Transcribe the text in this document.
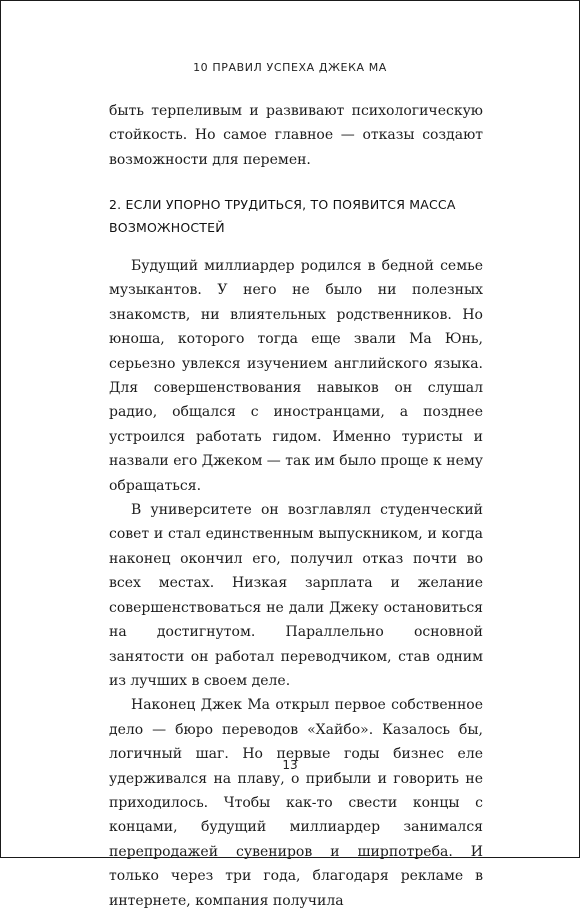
10 ПРАВИЛ УСПЕХА ДЖЕКА МА

быть терпеливым и развивают психологическую стойкость. Но самое главное — отказы создают возможности для перемен.

2. ЕСЛИ УПОРНО ТРУДИТЬСЯ, ТО ПОЯВИТСЯ МАССА ВОЗМОЖНОСТЕЙ

Будущий миллиардер родился в бедной семье музыкантов. У него не было ни полезных знакомств, ни влиятельных родственников. Но юноша, которого тогда еще звали Ма Юнь, серьезно увлекся изучением английского языка. Для совершенствования навыков он слушал радио, общался с иностранцами, а позднее устроился работать гидом. Именно туристы и назвали его Джеком — так им было проще к нему обращаться.

В университете он возглавлял студенческий совет и стал единственным выпускником, и когда наконец окончил его, получил отказ почти во всех местах. Низкая зарплата и желание совершенствоваться не дали Джеку остановиться на достигнутом. Параллельно основной занятости он работал переводчиком, став одним из лучших в своем деле.

Наконец Джек Ма открыл первое собственное дело — бюро переводов «Хайбо». Казалось бы, логичный шаг. Но первые годы бизнес еле удерживался на плаву, о прибыли и говорить не приходилось. Чтобы как-то свести концы с концами, будущий миллиардер занимался перепродажей сувениров и ширпотреба. И только через три года, благодаря рекламе в интернете, компания получила

13
